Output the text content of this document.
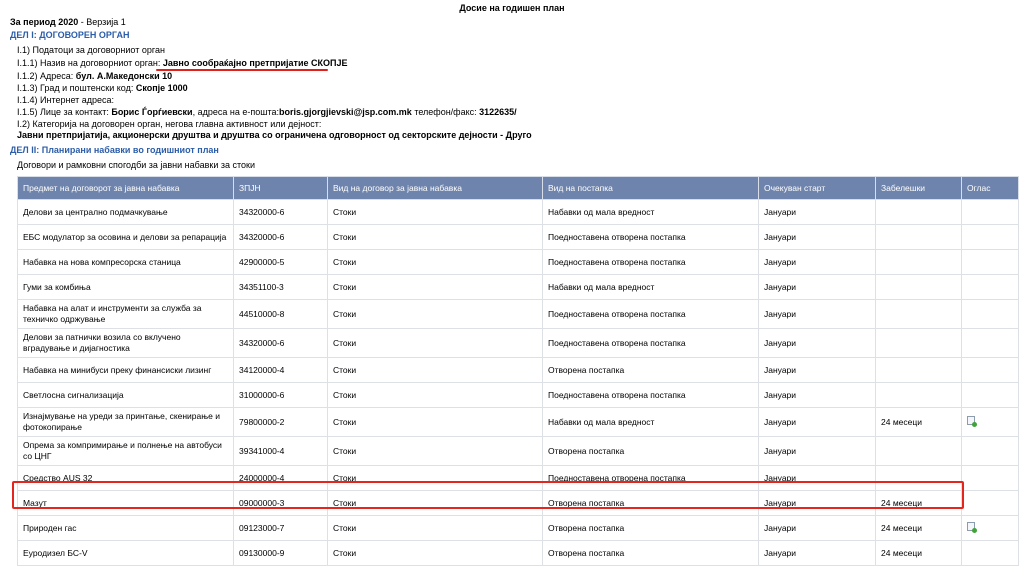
Досие на годишен план
За период 2020 - Верзија 1
ДЕЛ I: ДОГОВОРЕН ОРГАН
I.1) Подaтоци за договорниот орган
I.1.1) Назив на договорниот орган: Јавно сообраќајно претпријатие СКОПЈЕ
I.1.2) Адреса: бул. А.Македонски 10
I.1.3) Град и поштенски код: Скопје 1000
I.1.4) Интернет адреса:
I.1.5) Лице за контакт: Борис Ѓорѓиевски, адреса на е-пошта:boris.gjorgjievski@jsp.com.mk телефон/факс: 3122635/
I.2) Категорија на договорен орган, негова главна активност или дејност:
Јавни претпријатија, акционерски друштва и друштва со ограничена одговорност од секторските дејности - Друго
ДЕЛ II: Планирани набавки во годишниот план
Договори и рамковни спогодби за јавни набавки за стоки
Предмет на договорот за јавна набавка	ЗПЈН	Вид на договор за јавна набавка	Вид на постапка	Очекуван старт	Забелешки	Оглас
Делови за централно подмачкување	34320000-6	Стоки	Набавки од мала вредност	Јануари		
ЕБС модулатор за осовина и делови за репарација	34320000-6	Стоки	Поедноставена отворена постапка	Јануари		
Набавка на нова компресорска станица	42900000-5	Стоки	Поедноставена отворена постапка	Јануари		
Гуми за комбиња	34351100-3	Стоки	Набавки од мала вредност	Јануари		
Набавка на алат и инструменти за служба за техничко одржување	44510000-8	Стоки	Поедноставена отворена постапка	Јануари		
Делови за патнички возила со вклучено вградување и дијагностика	34320000-6	Стоки	Поедноставена отворена постапка	Јануари		
Набавка на минибуси преку финансиски лизинг	34120000-4	Стоки	Отворена постапка	Јануари		
Светлосна сигнализација	31000000-6	Стоки	Поедноставена отворена постапка	Јануари		
Изнајмување на уреди за принтање, скенирање и фотокопирање	79800000-2	Стоки	Набавки од мала вредност	Јануари	24 месеци	
Опрема за компримирање и полнење на автобуси со ЦНГ	39341000-4	Стоки	Отворена постапка	Јануари		
Средство AUS 32	24000000-4	Стоки	Поедноставена отворена постапка	Јануари		
Мазут	09000000-3	Стоки	Отворена постапка	Јануари	24 месеци	
Природен гас	09123000-7	Стоки	Отворена постапка	Јануари	24 месеци	
Еуродизел БС-V	09130000-9	Стоки	Отворена постапка	Јануари	24 месеци	
